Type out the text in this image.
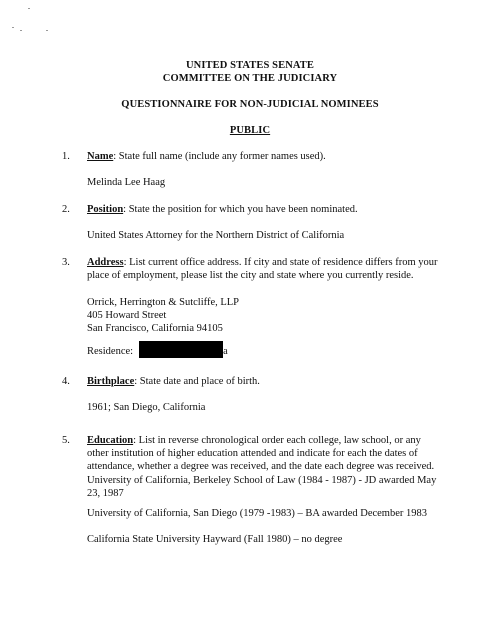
UNITED STATES SENATE
COMMITTEE ON THE JUDICIARY
QUESTIONNAIRE FOR NON-JUDICIAL NOMINEES
PUBLIC
1. Name: State full name (include any former names used).
Melinda Lee Haag
2. Position: State the position for which you have been nominated.
United States Attorney for the Northern District of California
3. Address: List current office address. If city and state of residence differs from your place of employment, please list the city and state where you currently reside.
Orrick, Herrington & Sutcliffe, LLP
405 Howard Street
San Francisco, California 94105
Residence:	a
4. Birthplace: State date and place of birth.
1961; San Diego, California
5. Education: List in reverse chronological order each college, law school, or any other institution of higher education attended and indicate for each the dates of attendance, whether a degree was received, and the date each degree was received.
University of California, Berkeley School of Law (1984 - 1987) - JD awarded May 23, 1987
University of California, San Diego (1979 -1983) – BA awarded December 1983
California State University Hayward (Fall 1980) – no degree
